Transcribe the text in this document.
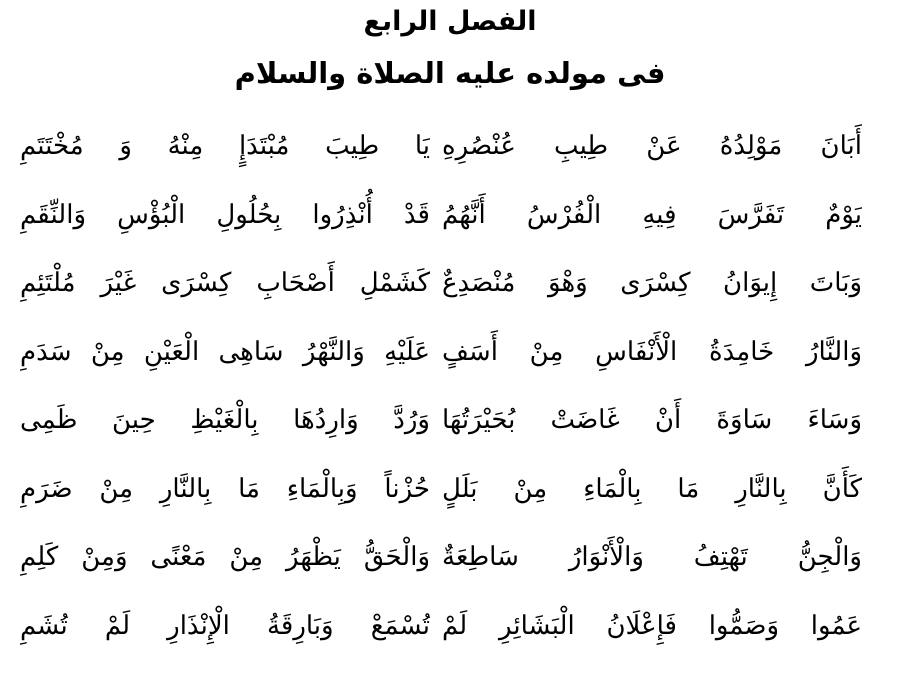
الفصل الرابع
فى مولده عليه الصلاة والسلام
أَبَانَ مَوْلِدُهُ عَنْ طِيبِ عُنْصُرِهِ
يَا طِيبَ مُبْتَدَإٍ مِنْهُ وَ مُخْتَتَمِ
يَوْمٌ تَفَرَّسَ فِيهِ الْفُرْسُ أَنَّهُمُ
قَدْ أُنْذِرُوا بِحُلُولِ الْبُؤْسِ وَالنِّقَمِ
وَبَاتَ إِيوَانُ كِسْرَى وَهْوَ مُنْصَدِعٌ
كَشَمْلِ أَصْحَابِ كِسْرَى غَيْرَ مُلْتَئِمِ
وَالنَّارُ خَامِدَةُ الْأَنْفَاسِ مِنْ أَسَفٍ
عَلَيْهِ وَالنَّهْرُ سَاهِى الْعَيْنِ مِنْ سَدَمِ
وَسَاءَ سَاوَةَ أَنْ غَاضَتْ بُحَيْرَتُهَا
وَرُدَّ وَارِدُهَا بِالْغَيْظِ حِينَ ظَمِى
كَأَنَّ بِالنَّارِ مَا بِالْمَاءِ مِنْ بَلَلٍ
حُزْناً وَبِالْمَاءِ مَا بِالنَّارِ مِنْ ضَرَمِ
وَالْجِنُّ تَهْتِفُ وَالْأَنْوَارُ سَاطِعَةٌ
وَالْحَقُّ يَظْهَرُ مِنْ مَعْنًى وَمِنْ كَلِمِ
عَمُوا وَصَمُّوا فَإِعْلَانُ الْبَشَائِرِ لَمْ
تُسْمَعْ وَبَارِقَةُ الْإِنْذَارِ لَمْ تُشَمِ
